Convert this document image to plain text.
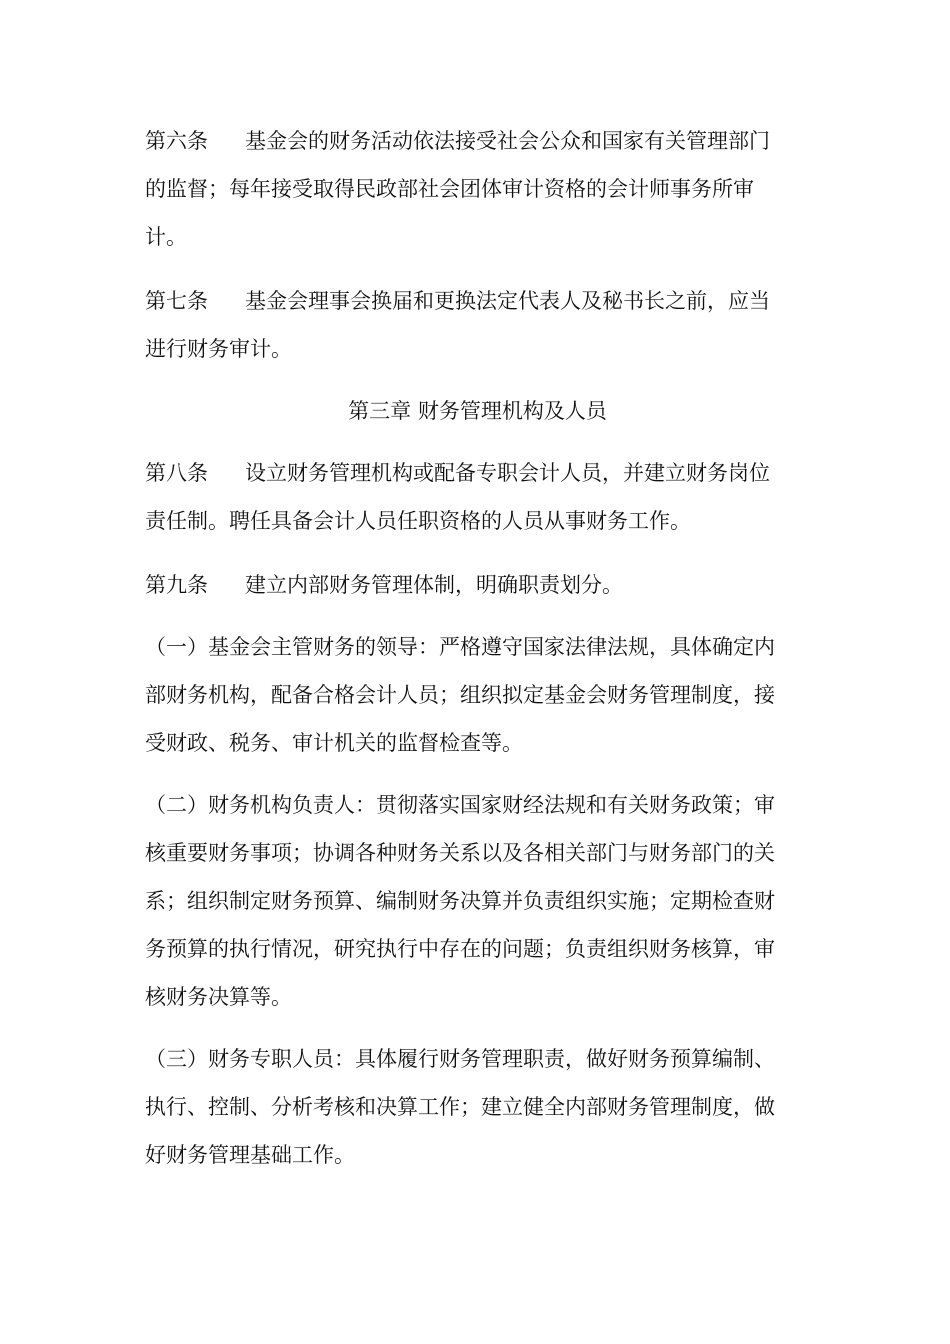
第六条 基金会的财务活动依法接受社会公众和国家有关管理部门
的监督；每年接受取得民政部社会团体审计资格的会计师事务所审
计。

第七条 基金会理事会换届和更换法定代表人及秘书长之前，应当
进行财务审计。

第三章 财务管理机构及人员

第八条 设立财务管理机构或配备专职会计人员，并建立财务岗位
责任制。聘任具备会计人员任职资格的人员从事财务工作。

第九条 建立内部财务管理体制，明确职责划分。

（一）基金会主管财务的领导：严格遵守国家法律法规，具体确定内
部财务机构，配备合格会计人员；组织拟定基金会财务管理制度，接
受财政、税务、审计机关的监督检查等。

（二）财务机构负责人：贯彻落实国家财经法规和有关财务政策；审
核重要财务事项；协调各种财务关系以及各相关部门与财务部门的关
系；组织制定财务预算、编制财务决算并负责组织实施；定期检查财
务预算的执行情况，研究执行中存在的问题；负责组织财务核算，审
核财务决算等。

（三）财务专职人员：具体履行财务管理职责，做好财务预算编制、
执行、控制、分析考核和决算工作；建立健全内部财务管理制度，做
好财务管理基础工作。
